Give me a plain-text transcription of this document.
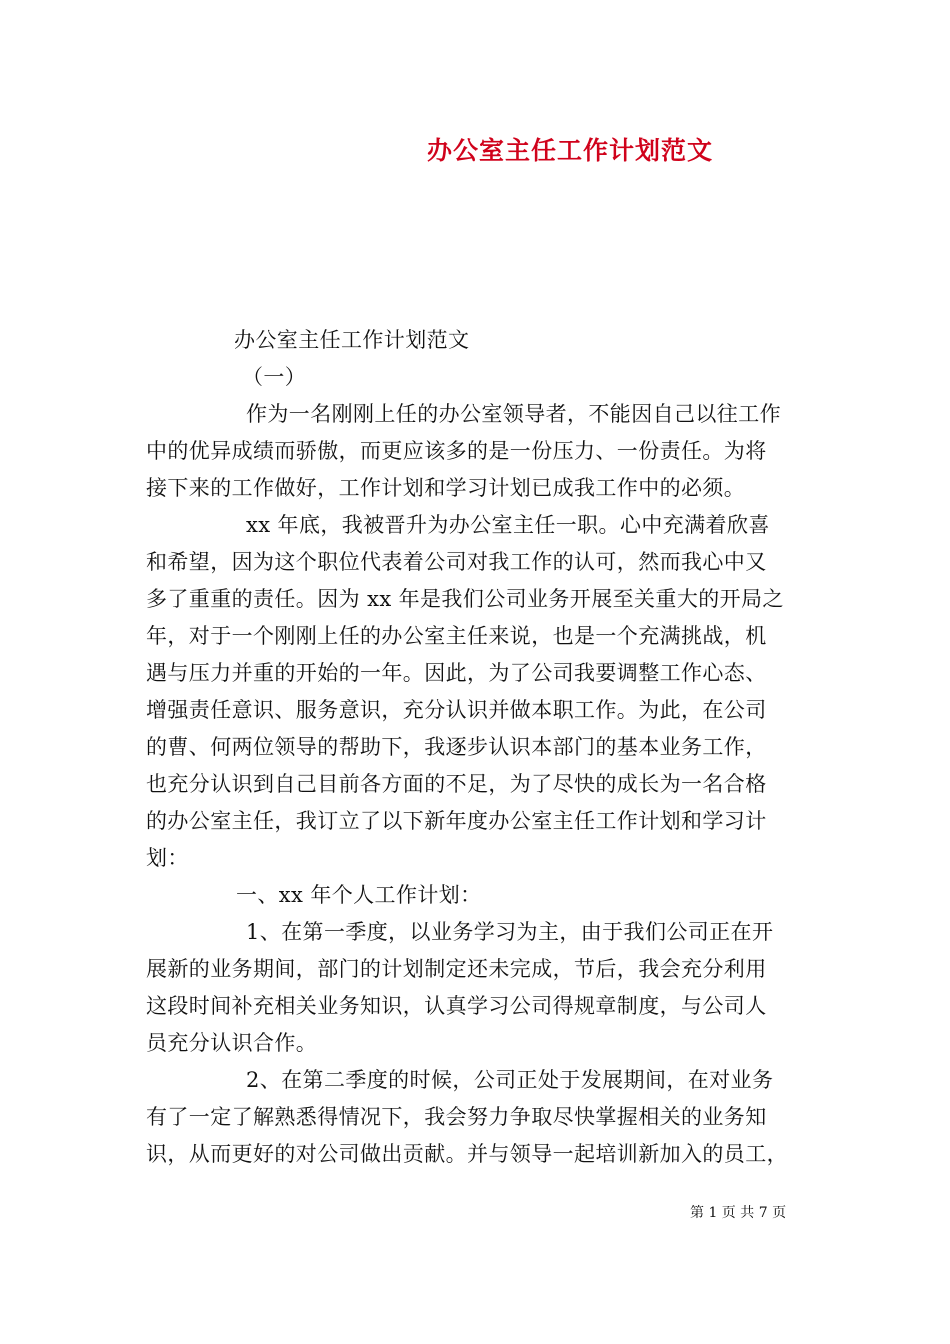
办公室主任工作计划范文
办公室主任工作计划范文
（一）
作为一名刚刚上任的办公室领导者，不能因自己以往工作
中的优异成绩而骄傲，而更应该多的是一份压力、一份责任。为将
接下来的工作做好，工作计划和学习计划已成我工作中的必须。
xx 年底，我被晋升为办公室主任一职。心中充满着欣喜
和希望，因为这个职位代表着公司对我工作的认可，然而我心中又
多了重重的责任。因为 xx 年是我们公司业务开展至关重大的开局之
年，对于一个刚刚上任的办公室主任来说，也是一个充满挑战，机
遇与压力并重的开始的一年。因此，为了公司我要调整工作心态、
增强责任意识、服务意识，充分认识并做本职工作。为此，在公司
的曹、何两位领导的帮助下，我逐步认识本部门的基本业务工作，
也充分认识到自己目前各方面的不足，为了尽快的成长为一名合格
的办公室主任，我订立了以下新年度办公室主任工作计划和学习计
划：
一、xx 年个人工作计划：
1、在第一季度，以业务学习为主，由于我们公司正在开
展新的业务期间，部门的计划制定还未完成，节后，我会充分利用
这段时间补充相关业务知识，认真学习公司得规章制度，与公司人
员充分认识合作。
2、在第二季度的时候，公司正处于发展期间，在对业务
有了一定了解熟悉得情况下，我会努力争取尽快掌握相关的业务知
识，从而更好的对公司做出贡献。并与领导一起培训新加入的员工，
第 1 页 共 7 页
